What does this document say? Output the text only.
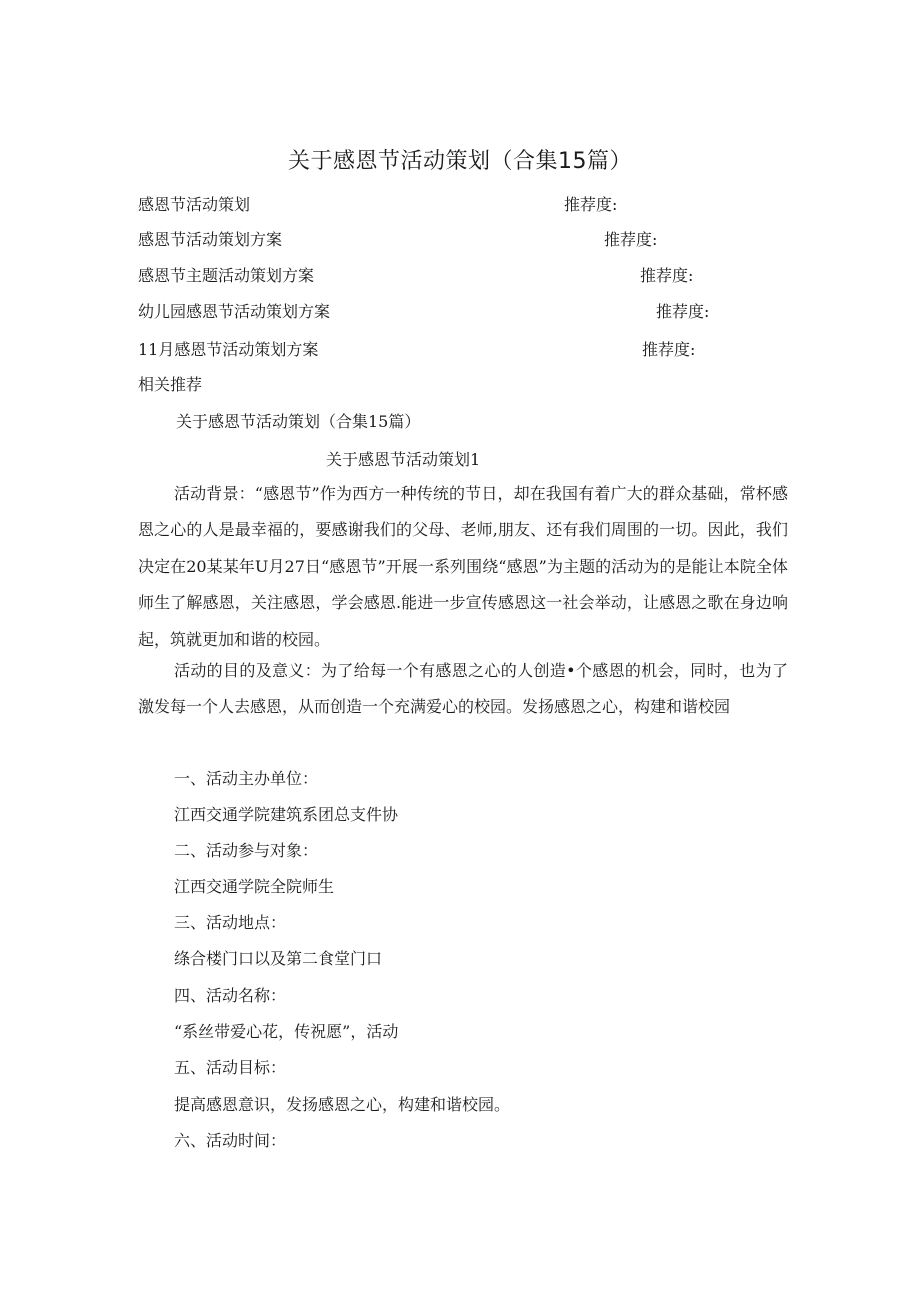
关于感恩节活动策划（合集15篇）
感恩节活动策划	推荐度:
感恩节活动策划方案	推荐度:
感恩节主题活动策划方案	推荐度:
幼儿园感恩节活动策划方案	推荐度:
11月感恩节活动策划方案	推荐度:
相关推荐
关于感恩节活动策划（合集15篇）
关于感恩节活动策划1
活动背景：“感恩节”作为西方一种传统的节日，却在我国有着广大的群众基础，常杯感恩之心的人是最幸福的，要感谢我们的父母、老师,朋友、还有我们周围的一切。因此，我们决定在20某某年U月27日“感恩节”开展一系列围绕“感恩”为主题的活动为的是能让本院全体师生了解感恩，关注感恩，学会感恩.能进一步宣传感恩这一社会举动，让感恩之歌在身边响起，筑就更加和谐的校园。
活动的目的及意义：为了给每一个有感恩之心的人创造•个感恩的机会，同时，也为了激发每一个人去感恩，从而创造一个充满爱心的校园。发扬感恩之心，构建和谐校园
一、活动主办单位：
江西交通学院建筑系团总支件协
二、活动参与对象：
江西交通学院全院师生
三、活动地点：
绦合楼门口以及第二食堂门口
四、活动名称：
“系丝带爱心花，传祝愿”，活动
五、活动目标：
提高感恩意识，发扬感恩之心，构建和谐校园。
六、活动时间：
